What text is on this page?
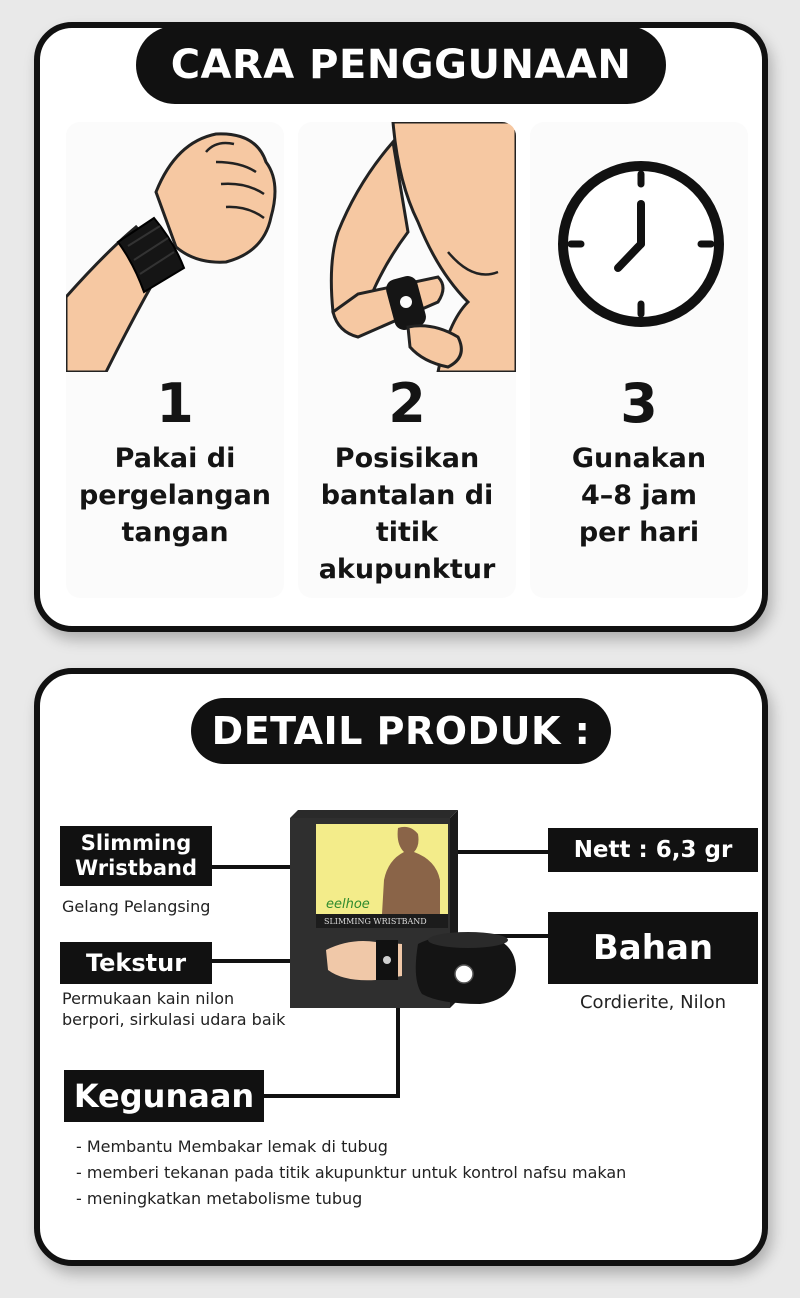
CARA PENGGUNAAN
1
Pakai di
pergelangan
tangan
2
Posisikan
bantalan di
titik
akupunktur
3
Gunakan
4–8 jam
per hari
DETAIL PRODUK :
SLIMMING WRISTBAND
eelhoe
Slimming
Wristband
Gelang Pelangsing
Tekstur
Permukaan kain nilon
berpori, sirkulasi udara baik
Nett : 6,3 gr
Bahan
Cordierite, Nilon
Kegunaan
- Membantu Membakar lemak di tubug
- memberi tekanan pada titik akupunktur untuk kontrol nafsu makan
- meningkatkan metabolisme tubug
